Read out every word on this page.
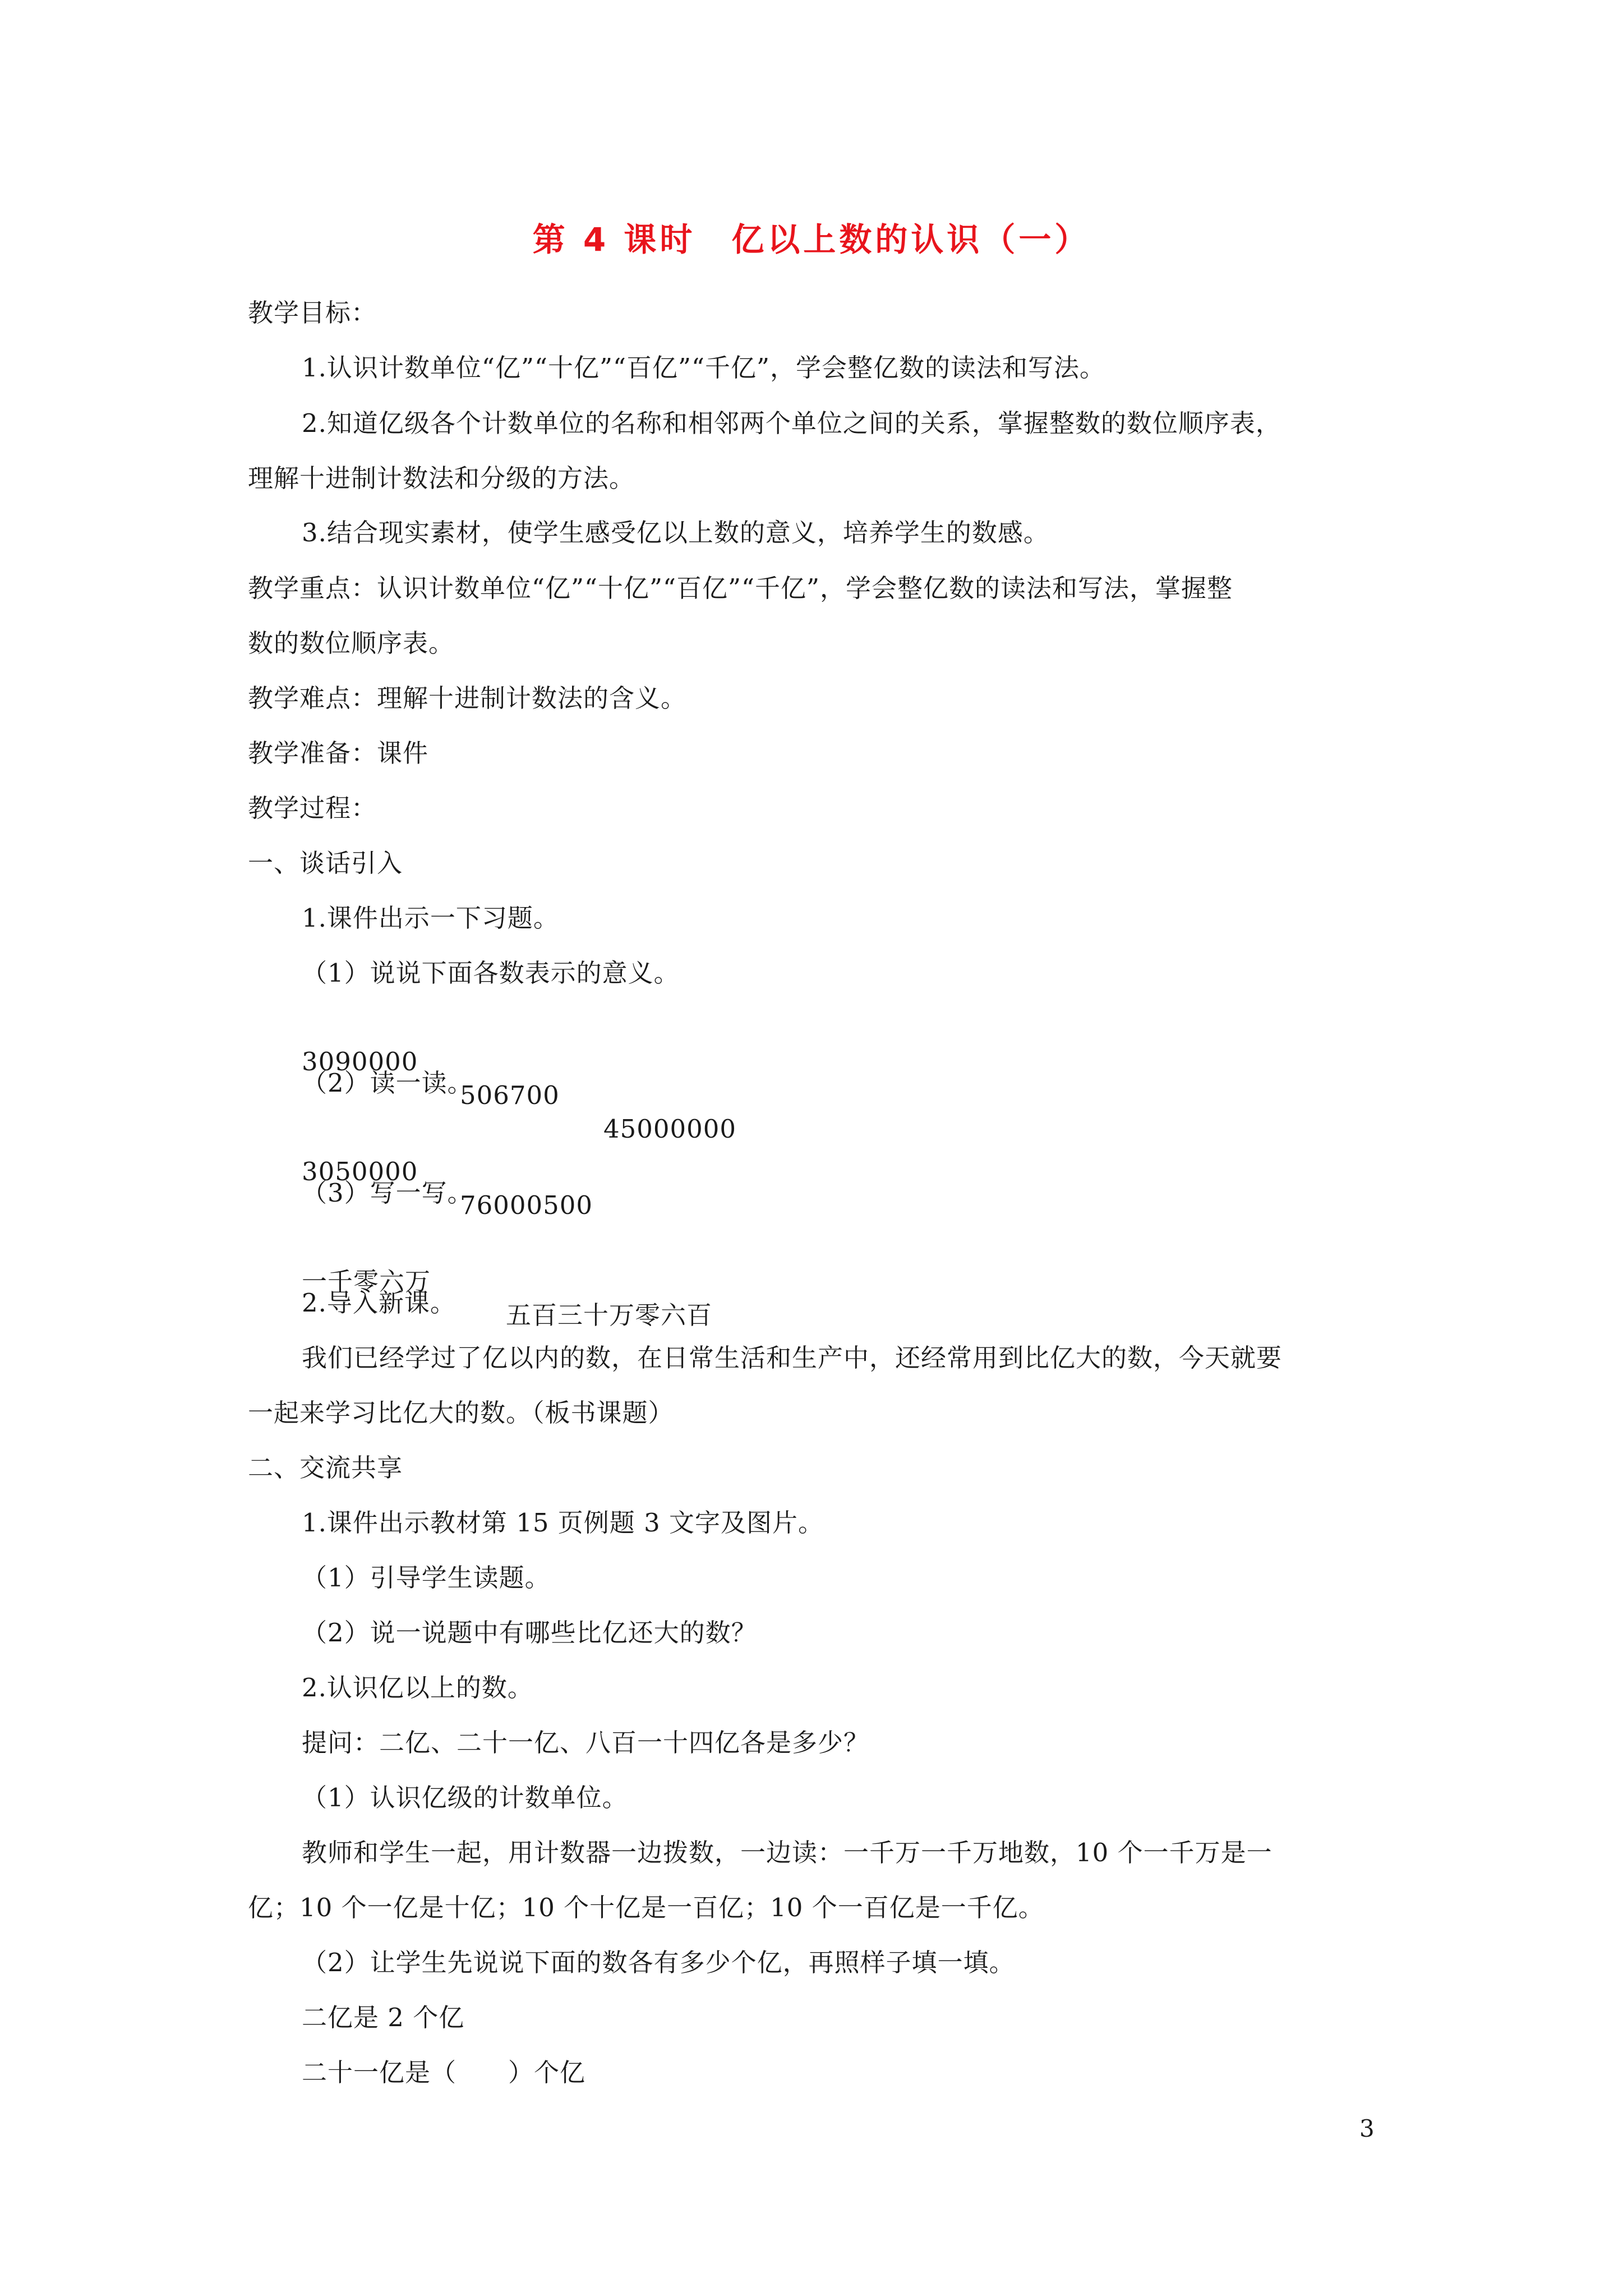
第 4 课时　亿以上数的认识（一）
教学目标：
1.认识计数单位“亿”“十亿”“百亿”“千亿”，学会整亿数的读法和写法。
2.知道亿级各个计数单位的名称和相邻两个单位之间的关系，掌握整数的数位顺序表，
理解十进制计数法和分级的方法。
3.结合现实素材，使学生感受亿以上数的意义，培养学生的数感。
教学重点：认识计数单位“亿”“十亿”“百亿”“千亿”，学会整亿数的读法和写法，掌握整
数的数位顺序表。
教学难点：理解十进制计数法的含义。
教学准备：课件
教学过程：
一、谈话引入
1.课件出示一下习题。
（1）说说下面各数表示的意义。

3090000

506700

45000000

（2）读一读。

3050000

76000500

（3）写一写。

一千零六万

五百三十万零六百

2.导入新课。
我们已经学过了亿以内的数，在日常生活和生产中，还经常用到比亿大的数，今天就要
一起来学习比亿大的数。（板书课题）
二、交流共享
1.课件出示教材第 15 页例题 3 文字及图片。
（1）引导学生读题。
（2）说一说题中有哪些比亿还大的数？
2.认识亿以上的数。
提问：二亿、二十一亿、八百一十四亿各是多少？
（1）认识亿级的计数单位。
教师和学生一起，用计数器一边拨数，一边读：一千万一千万地数，10 个一千万是一
亿；10 个一亿是十亿；10 个十亿是一百亿；10 个一百亿是一千亿。
（2）让学生先说说下面的数各有多少个亿，再照样子填一填。
二亿是 2 个亿
二十一亿是（　　）个亿
3
